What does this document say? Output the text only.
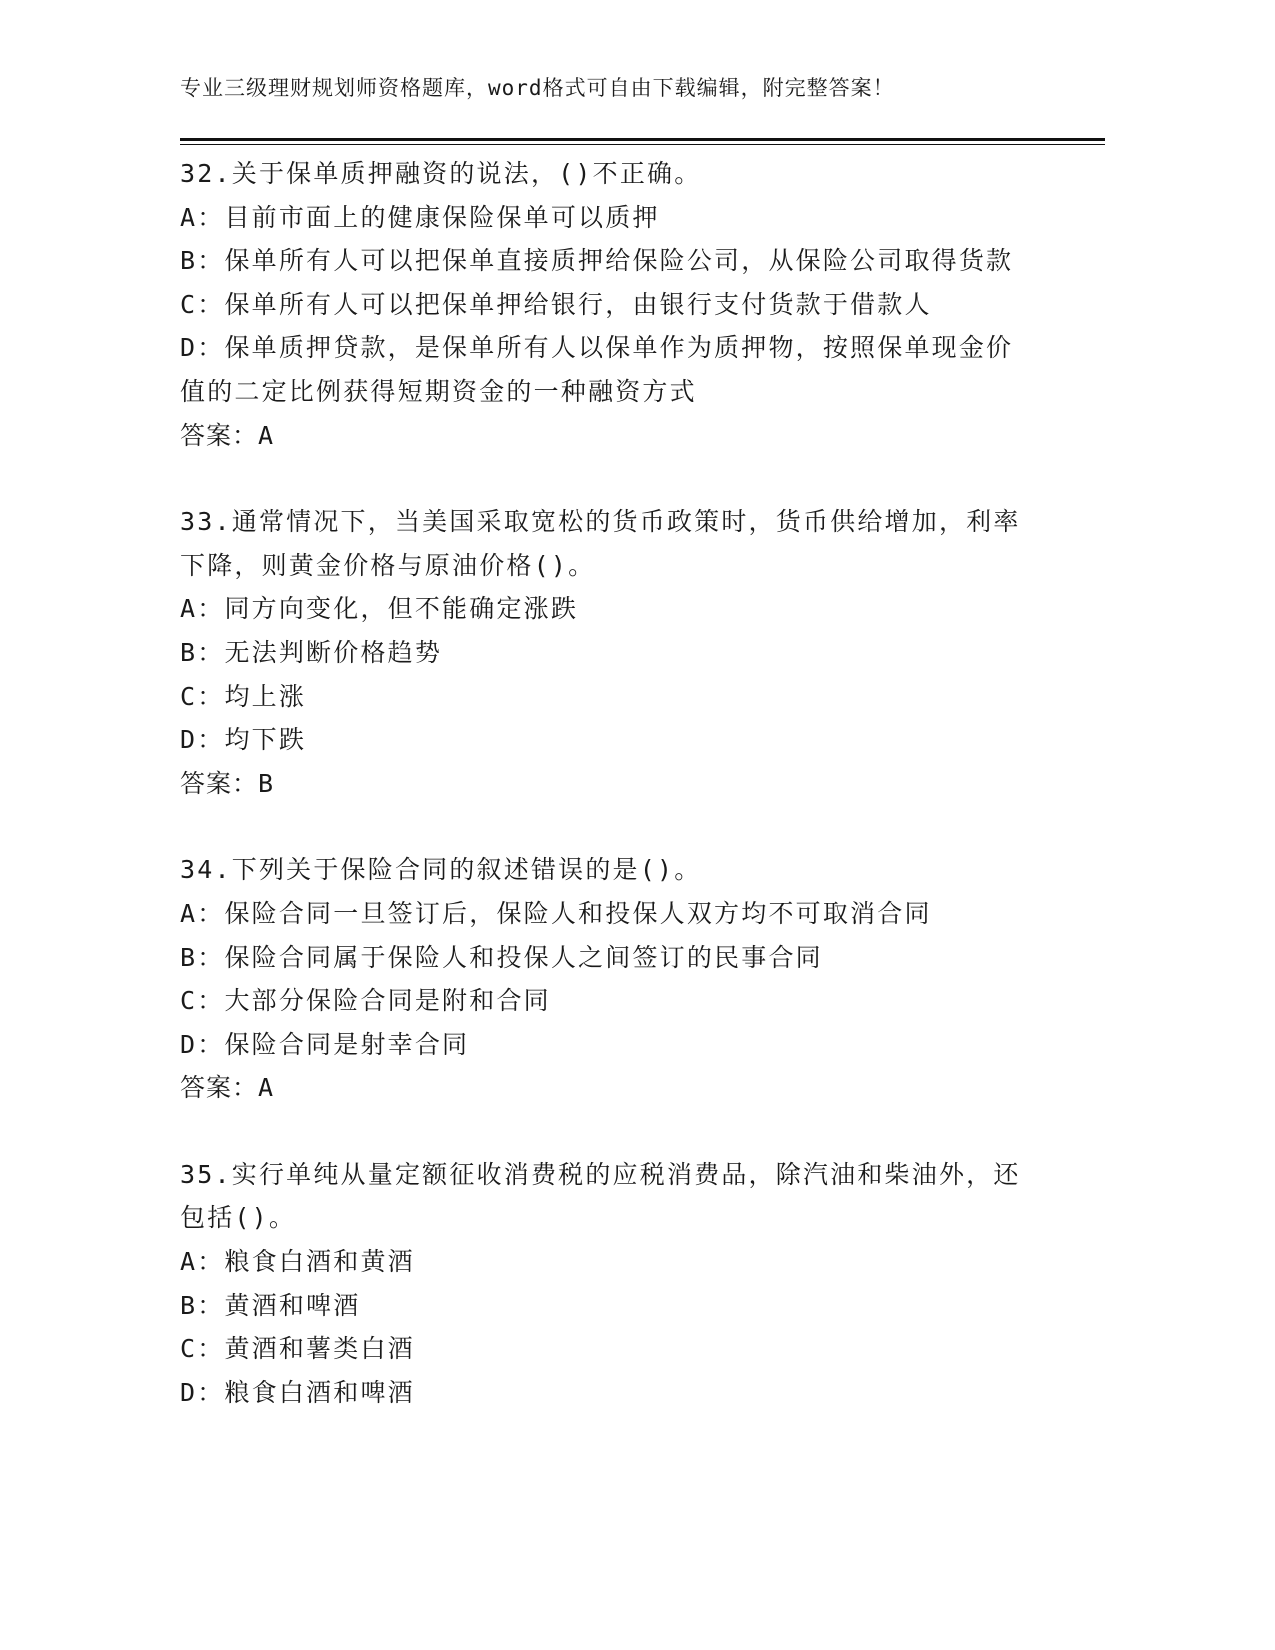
专业三级理财规划师资格题库，word格式可自由下载编辑，附完整答案！
32.关于保单质押融资的说法，()不正确。
A：目前市面上的健康保险保单可以质押
B：保单所有人可以把保单直接质押给保险公司，从保险公司取得货款
C：保单所有人可以把保单押给银行，由银行支付货款于借款人
D：保单质押贷款，是保单所有人以保单作为质押物，按照保单现金价
值的二定比例获得短期资金的一种融资方式
答案：A
33.通常情况下，当美国采取宽松的货币政策时，货币供给增加，利率
下降，则黄金价格与原油价格()。
A：同方向变化，但不能确定涨跌
B：无法判断价格趋势
C：均上涨
D：均下跌
答案：B
34.下列关于保险合同的叙述错误的是()。
A：保险合同一旦签订后，保险人和投保人双方均不可取消合同
B：保险合同属于保险人和投保人之间签订的民事合同
C：大部分保险合同是附和合同
D：保险合同是射幸合同
答案：A
35.实行单纯从量定额征收消费税的应税消费品，除汽油和柴油外，还
包括()。
A：粮食白酒和黄酒
B：黄酒和啤酒
C：黄酒和薯类白酒
D：粮食白酒和啤酒
